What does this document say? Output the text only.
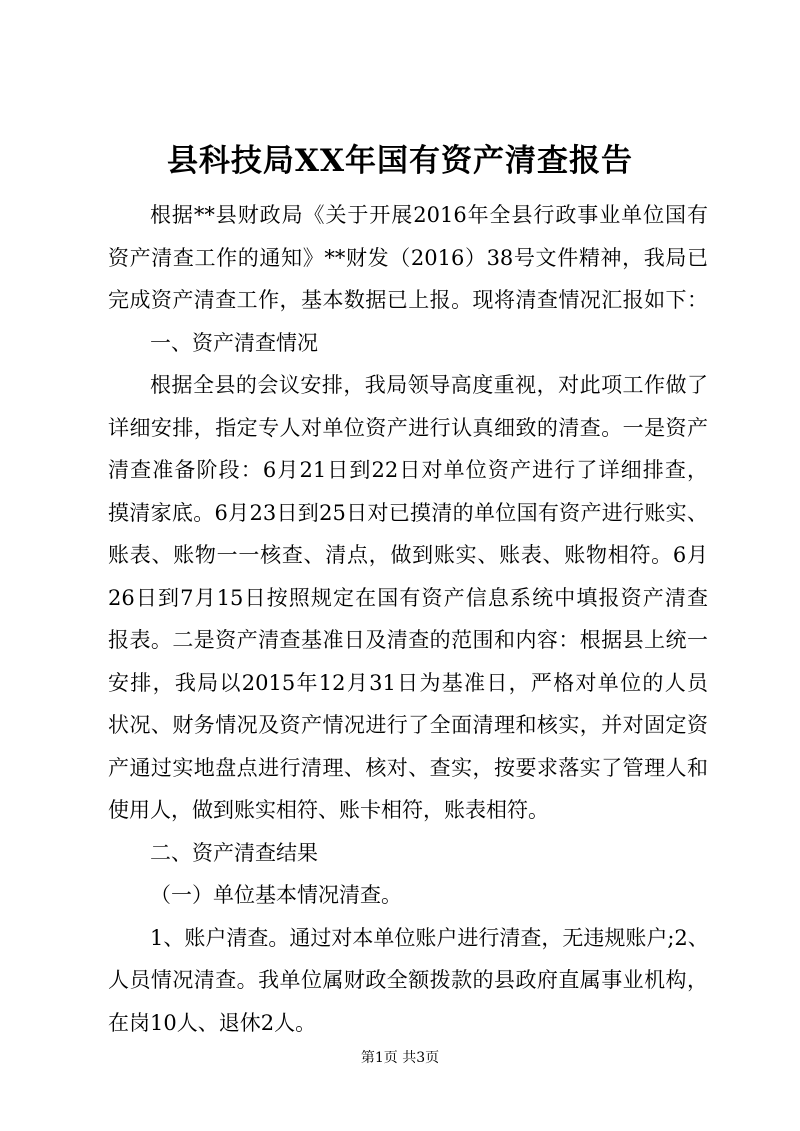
县科技局XX年国有资产清查报告
根据**县财政局《关于开展2016年全县行政事业单位国有
资产清查工作的通知》**财发（2016）38号文件精神，我局已
完成资产清查工作，基本数据已上报。现将清查情况汇报如下：
一、资产清查情况
根据全县的会议安排，我局领导高度重视，对此项工作做了
详细安排，指定专人对单位资产进行认真细致的清查。一是资产
清查准备阶段：6月21日到22日对单位资产进行了详细排查，
摸清家底。6月23日到25日对已摸清的单位国有资产进行账实、
账表、账物一一核查、清点，做到账实、账表、账物相符。6月
26日到7月15日按照规定在国有资产信息系统中填报资产清查
报表。二是资产清查基准日及清查的范围和内容：根据县上统一
安排，我局以2015年12月31日为基准日，严格对单位的人员
状况、财务情况及资产情况进行了全面清理和核实，并对固定资
产通过实地盘点进行清理、核对、查实，按要求落实了管理人和
使用人，做到账实相符、账卡相符，账表相符。
二、资产清查结果
（一）单位基本情况清查。
1、账户清查。通过对本单位账户进行清查，无违规账户;2、
人员情况清查。我单位属财政全额拨款的县政府直属事业机构，
在岗10人、退休2人。
第1页 共3页
